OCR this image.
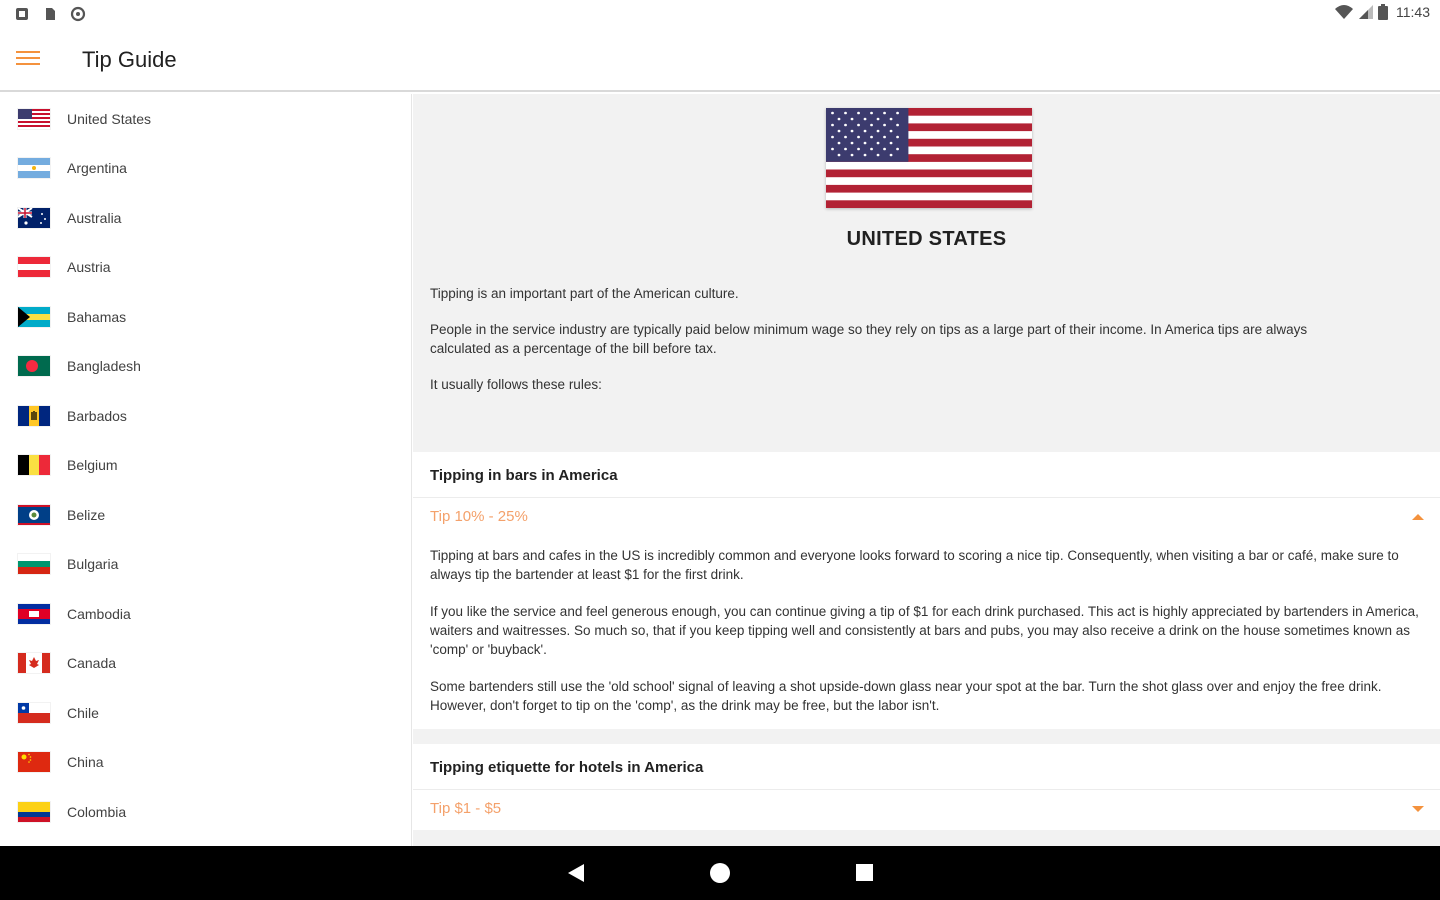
11:43
Tip Guide
United States
Argentina
Australia
Austria
Bahamas
Bangladesh
Barbados
Belgium
Belize
Bulgaria
Cambodia
Canada
Chile
China
Colombia
UNITED STATES

Tipping is an important part of the American culture.

People in the service industry are typically paid below minimum wage so they rely on tips as a large part of their income. In America tips are always calculated as a percentage of the bill before tax.

It usually follows these rules:

Tipping in bars in America
Tip 10% - 25%

Tipping at bars and cafes in the US is incredibly common and everyone looks forward to scoring a nice tip. Consequently, when visiting a bar or café, make sure to always tip the bartender at least $1 for the first drink.

If you like the service and feel generous enough, you can continue giving a tip of $1 for each drink purchased. This act is highly appreciated by bartenders in America, waiters and waitresses. So much so, that if you keep tipping well and consistently at bars and pubs, you may also receive a drink on the house sometimes known as 'comp' or 'buyback'.

Some bartenders still use the 'old school' signal of leaving a shot upside-down glass near your spot at the bar. Turn the shot glass over and enjoy the free drink. However, don't forget to tip on the 'comp', as the drink may be free, but the labor isn't.

Tipping etiquette for hotels in America
Tip $1 - $5
